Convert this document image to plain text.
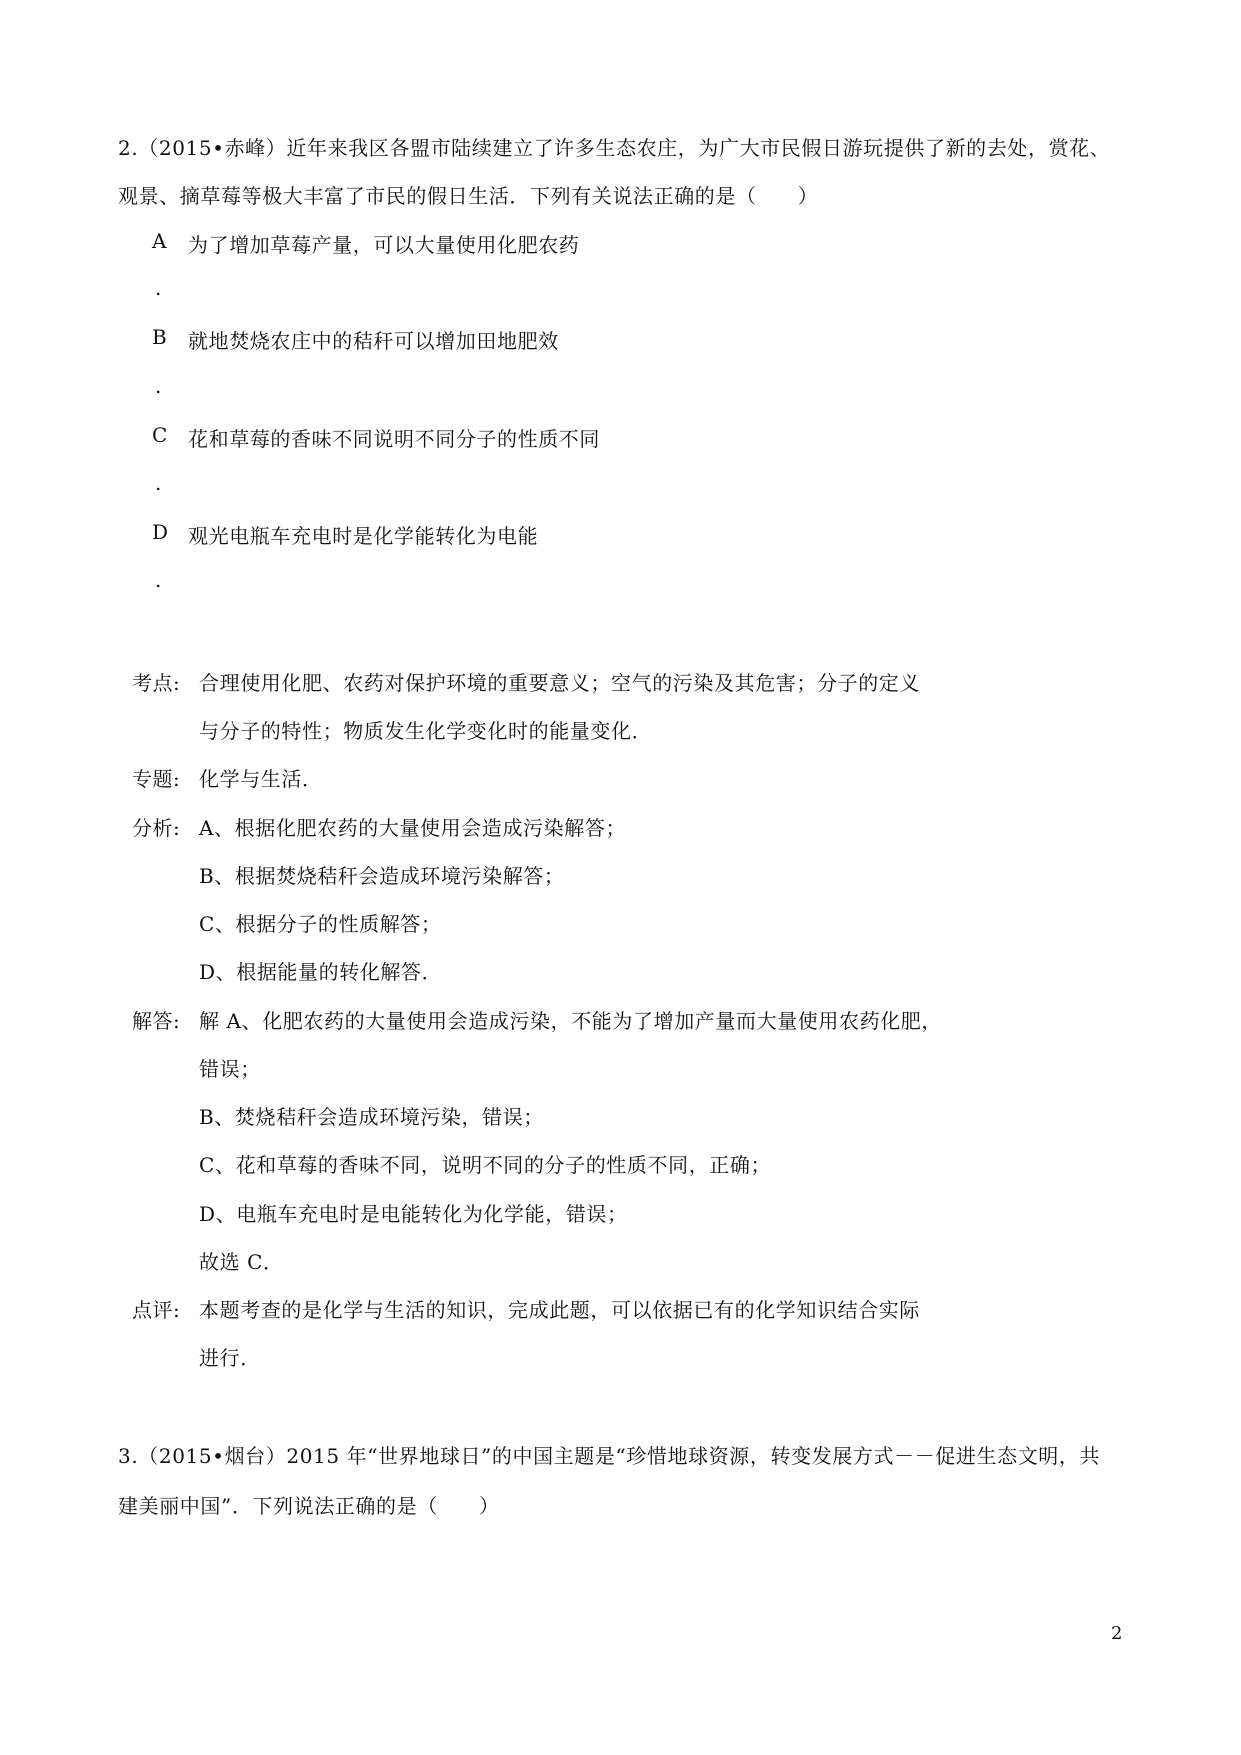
2.（2015•赤峰）近年来我区各盟市陆续建立了许多生态农庄，为广大市民假日游玩提供了新的去处，赏花、
观景、摘草莓等极大丰富了市民的假日生活．下列有关说法正确的是（　　）
A 为了增加草莓产量，可以大量使用化肥农药
.
B 就地焚烧农庄中的秸秆可以增加田地肥效
.
C 花和草莓的香味不同说明不同分子的性质不同
.
D 观光电瓶车充电时是化学能转化为电能
.
考点: 合理使用化肥、农药对保护环境的重要意义；空气的污染及其危害；分子的定义
与分子的特性；物质发生化学变化时的能量变化．
专题: 化学与生活．
分析: A、根据化肥农药的大量使用会造成污染解答；
B、根据焚烧秸秆会造成环境污染解答；
C、根据分子的性质解答；
D、根据能量的转化解答．
解答: 解 A、化肥农药的大量使用会造成污染，不能为了增加产量而大量使用农药化肥，
错误；
B、焚烧秸秆会造成环境污染，错误；
C、花和草莓的香味不同，说明不同的分子的性质不同，正确；
D、电瓶车充电时是电能转化为化学能，错误；
故选 C．
点评: 本题考查的是化学与生活的知识，完成此题，可以依据已有的化学知识结合实际
进行．
3.（2015•烟台）2015 年“世界地球日”的中国主题是“珍惜地球资源，转变发展方式－－促进生态文明，共
建美丽中国”．下列说法正确的是（　　）
2
